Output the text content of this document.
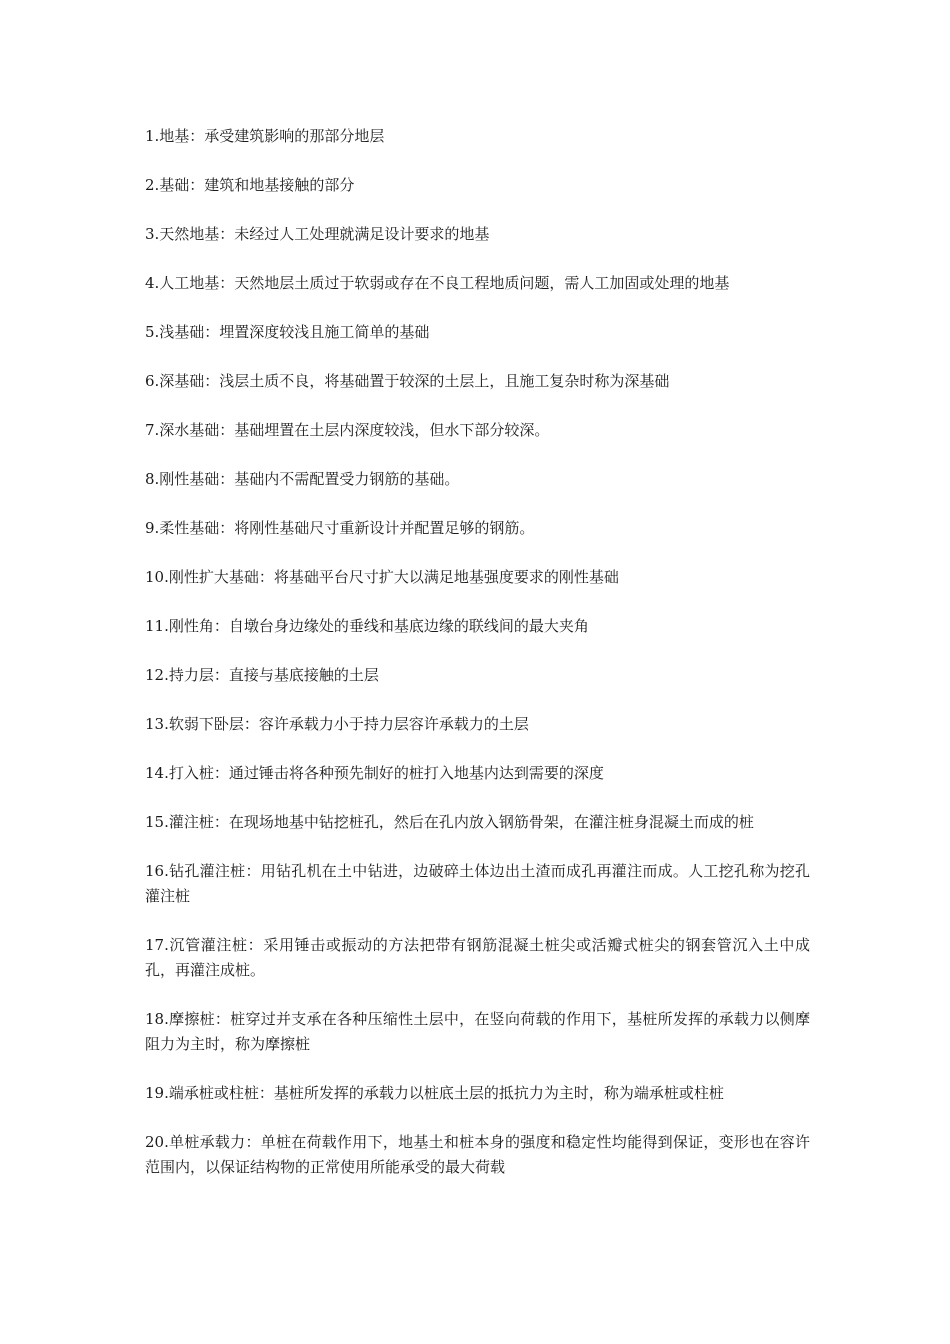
1.地基：承受建筑影响的那部分地层

2.基础：建筑和地基接触的部分

3.天然地基：未经过人工处理就满足设计要求的地基

4.人工地基：天然地层土质过于软弱或存在不良工程地质问题，需人工加固或处理的地基

5.浅基础：埋置深度较浅且施工简单的基础

6.深基础：浅层土质不良，将基础置于较深的土层上，且施工复杂时称为深基础

7.深水基础：基础埋置在土层内深度较浅，但水下部分较深。

8.刚性基础：基础内不需配置受力钢筋的基础。

9.柔性基础：将刚性基础尺寸重新设计并配置足够的钢筋。

10.刚性扩大基础：将基础平台尺寸扩大以满足地基强度要求的刚性基础

11.刚性角：自墩台身边缘处的垂线和基底边缘的联线间的最大夹角

12.持力层：直接与基底接触的土层

13.软弱下卧层：容许承载力小于持力层容许承载力的土层

14.打入桩：通过锤击将各种预先制好的桩打入地基内达到需要的深度

15.灌注桩：在现场地基中钻挖桩孔，然后在孔内放入钢筋骨架，在灌注桩身混凝土而成的桩

16.钻孔灌注桩：用钻孔机在土中钻进，边破碎土体边出土渣而成孔再灌注而成。人工挖孔称为挖孔灌注桩

17.沉管灌注桩：采用锤击或振动的方法把带有钢筋混凝土桩尖或活瓣式桩尖的钢套管沉入土中成孔，再灌注成桩。

18.摩擦桩：桩穿过并支承在各种压缩性土层中，在竖向荷载的作用下，基桩所发挥的承载力以侧摩阻力为主时，称为摩擦桩

19.端承桩或柱桩：基桩所发挥的承载力以桩底土层的抵抗力为主时，称为端承桩或柱桩

20.单桩承载力：单桩在荷载作用下，地基土和桩本身的强度和稳定性均能得到保证，变形也在容许范围内，以保证结构物的正常使用所能承受的最大荷载
